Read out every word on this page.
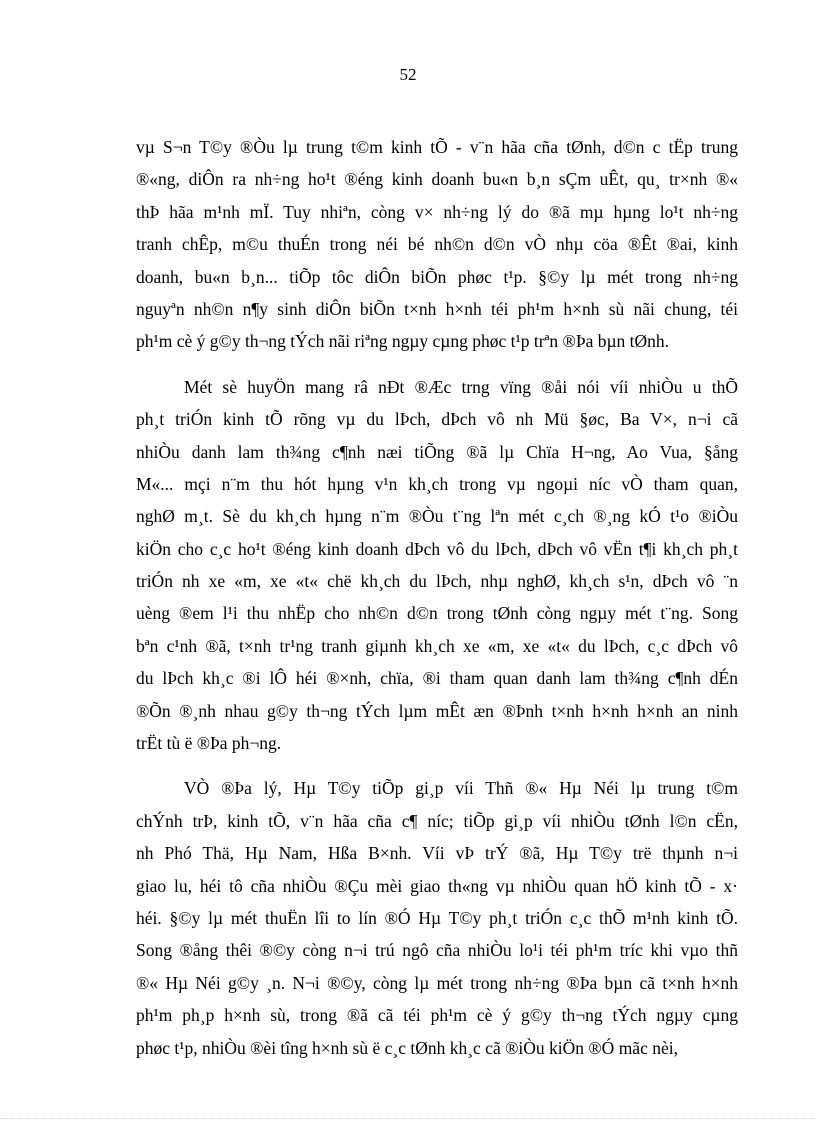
52
vµ S¬n T©y ®Òu lµ trung t©m kinh tÕ - v¨n hãa cña tØnh, d©n c tËp trung
®«ng, diÔn ra nh÷ng ho¹t ®éng kinh doanh bu«n b¸n sÇm uÊt, qu¸ tr×nh ®«
thÞ hãa m¹nh mÏ. Tuy nhiªn, còng v× nh÷ng lý do ®ã mµ hµng lo¹t nh÷ng
tranh chÊp, m©u thuÉn trong néi bé nh©n d©n vÒ nhµ cöa ®Êt ®ai, kinh
doanh, bu«n b¸n... tiÕp tôc diÔn biÕn phøc t¹p. §©y lµ mét trong nh÷ng
nguyªn nh©n n¶y sinh diÔn biÕn t×nh h×nh téi ph¹m h×nh sù nãi chung, téi
ph¹m cè ý g©y th¬ng tÝch nãi riªng ngµy cµng phøc t¹p trªn ®Þa bµn tØnh.
Mét sè huyÖn mang râ nÐt ®Æc trng vïng ®åi nói víi nhiÒu u thÕ
ph¸t triÓn kinh tÕ rõng vµ du lÞch, dÞch vô nh Mü §øc, Ba V×, n¬i cã
nhiÒu danh lam th¾ng c¶nh næi tiÕng ®ã lµ Chïa H¬ng, Ao Vua, §ång
M«... mçi n¨m thu hót hµng v¹n kh¸ch trong vµ ngoµi níc vÒ tham quan,
nghØ m¸t. Sè du kh¸ch hµng n¨m ®Òu t¨ng lªn mét c¸ch ®¸ng kÓ t¹o ®iÒu
kiÖn cho c¸c ho¹t ®éng kinh doanh dÞch vô du lÞch, dÞch vô vËn t¶i kh¸ch ph¸t
triÓn nh xe «m, xe «t« chë kh¸ch du lÞch, nhµ nghØ, kh¸ch s¹n, dÞch vô ¨n
uèng ®em l¹i thu nhËp cho nh©n d©n trong tØnh còng ngµy mét t¨ng. Song
bªn c¹nh ®ã, t×nh tr¹ng tranh giµnh kh¸ch xe «m, xe «t« du lÞch, c¸c dÞch vô
du lÞch kh¸c ®i lÔ héi ®×nh, chïa, ®i tham quan danh lam th¾ng c¶nh dÉn
®Õn ®¸nh nhau g©y th¬ng tÝch lµm mÊt æn ®Þnh t×nh h×nh h×nh an ninh
trËt tù ë ®Þa ph¬ng.
VÒ ®Þa lý, Hµ T©y tiÕp gi¸p víi Thñ ®« Hµ Néi lµ trung t©m
chÝnh trÞ, kinh tÕ, v¨n hãa cña c¶ níc; tiÕp gi¸p víi nhiÒu tØnh l©n cËn,
nh Phó Thä, Hµ Nam, Hßa B×nh. Víi vÞ trÝ ®ã, Hµ T©y trë thµnh n¬i
giao lu, héi tô cña nhiÒu ®Çu mèi giao th«ng vµ nhiÒu quan hÖ kinh tÕ - x·
héi. §©y lµ mét thuËn lîi to lín ®Ó Hµ T©y ph¸t triÓn c¸c thÕ m¹nh kinh tÕ.
Song ®ång thêi ®©y còng n¬i trú ngô cña nhiÒu lo¹i téi ph¹m tríc khi vµo thñ
®« Hµ Néi g©y ¸n. N¬i ®©y, còng lµ mét trong nh÷ng ®Þa bµn cã t×nh h×nh
ph¹m ph¸p h×nh sù, trong ®ã cã téi ph¹m cè ý g©y th¬ng tÝch ngµy cµng
phøc t¹p, nhiÒu ®èi tîng h×nh sù ë c¸c tØnh kh¸c cã ®iÒu kiÖn ®Ó mãc nèi,
